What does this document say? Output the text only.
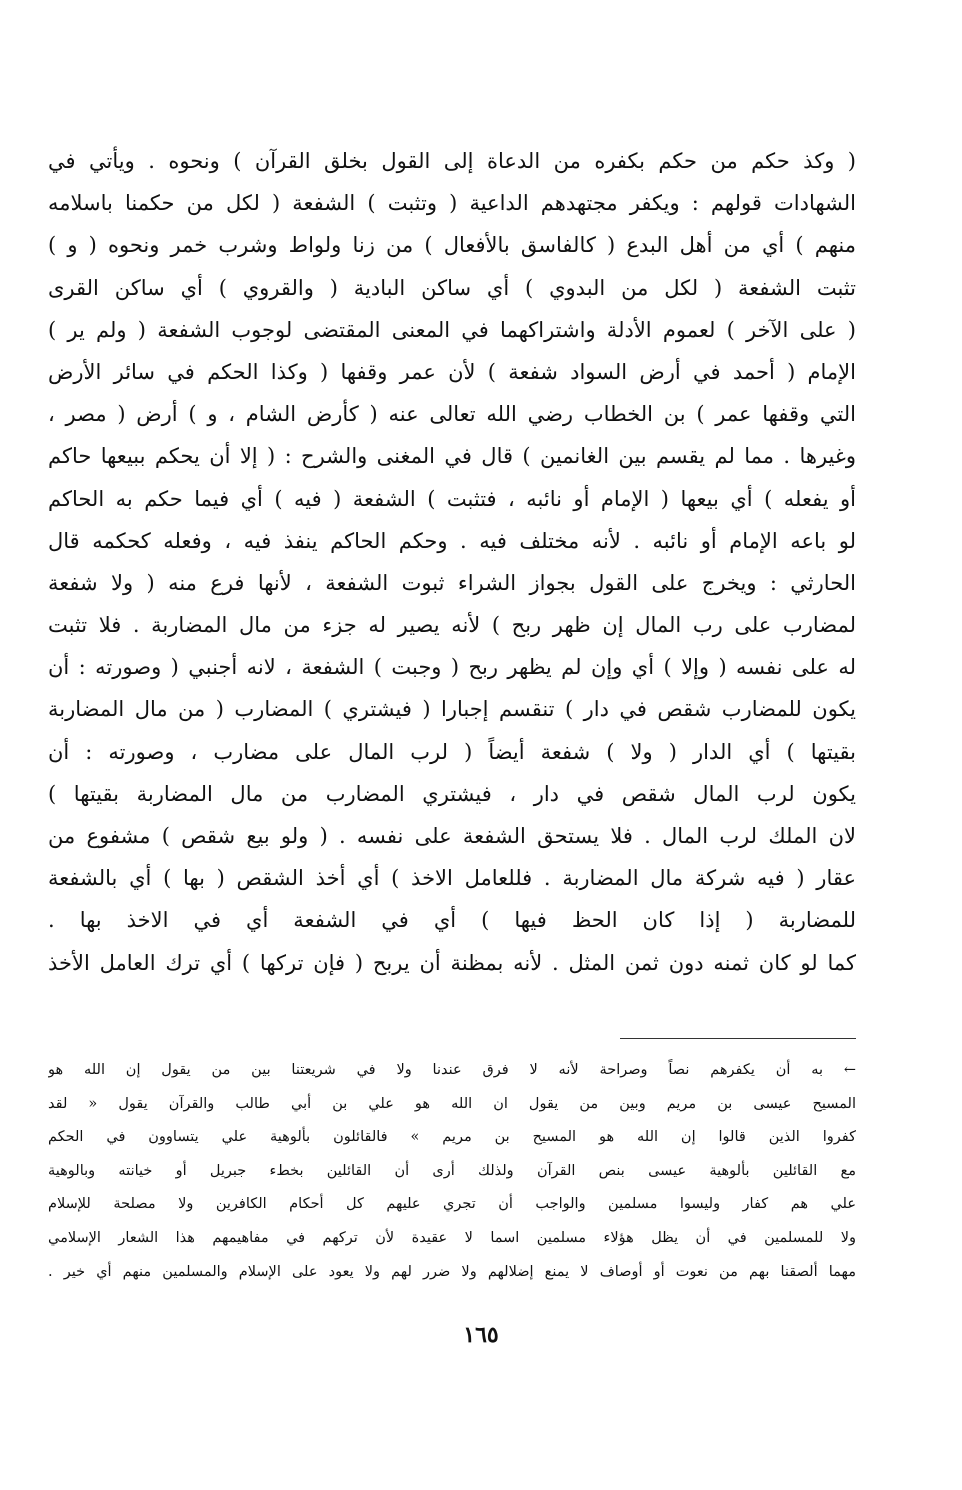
( وكذ حكم من حكم بكفره من الدعاة إلى القول بخلق القرآن ) ونحوه . ويأتي في
الشهادات قولهم : ويكفر مجتهدهم الداعية ( وتثبت ) الشفعة ( لكل من حكمنا باسلامه
منهم ) أي من أهل البدع ( كالفاسق بالأفعال ) من زنا ولواط وشرب خمر ونحوه ( و )
تثبت الشفعة ( لكل من البدوي ) أي ساكن البادية ( والقروي ) أي ساكن القرى
( على الآخر ) لعموم الأدلة واشتراكهما في المعنى المقتضى لوجوب الشفعة ( ولم ير )
الإمام ( أحمد في أرض السواد شفعة ) لأن عمر وقفها ( وكذا الحكم في سائر الأرض
التي وقفها عمر ) بن الخطاب رضي الله تعالى عنه ( كأرض الشام ، و ) أرض ( مصر ،
وغيرها . مما لم يقسم بين الغانمين ) قال في المغنى والشرح : ( إلا أن يحكم ببيعها حاكم
أو يفعله ) أي بيعها ( الإمام أو نائبه ، فتثبت ) الشفعة ( فيه ) أي فيما حكم به الحاكم
لو باعه الإمام أو نائبه . لأنه مختلف فيه . وحكم الحاكم ينفذ فيه ، وفعله كحكمه قال
الحارثي : ويخرج على القول بجواز الشراء ثبوت الشفعة ، لأنها فرع منه ( ولا شفعة
لمضارب على رب المال إن ظهر ربح ) لأنه يصير له جزء من مال المضاربة . فلا تثبت
له على نفسه ( وإلا ) أي وإن لم يظهر ربح ( وجبت ) الشفعة ، لانه أجنبي ( وصورته : أن
يكون للمضارب شقص في دار ) تنقسم إجبارا ( فيشتري ) المضارب ( من مال المضاربة
بقيتها ) أي الدار ( ولا ) شفعة أيضاً ( لرب المال على مضارب ، وصورته : أن
يكون لرب المال شقص في دار ، فيشتري المضارب من مال المضاربة بقيتها )
لان الملك لرب المال . فلا يستحق الشفعة على نفسه . ( ولو بيع شقص ) مشفوع من
عقار ( فيه شركة مال المضاربة . فللعامل الاخذ ) أي أخذ الشقص ( بها ) أي بالشفعة
للمضاربة ( إذا كان الحظ فيها ) أي في الشفعة أي في الاخذ بها .
كما لو كان ثمنه دون ثمن المثل . لأنه بمظنة أن يربح ( فإن تركها ) أي ترك العامل الأخذ
← به أن يكفرهم نصاً وصراحة لأنه لا فرق عندنا ولا في شريعتنا بين من يقول إن الله هو
المسيح عيسى بن مريم وبين من يقول ان الله هو علي بن أبي طالب والقرآن يقول « لقد
كفروا الذين قالوا إن الله هو المسيح بن مريم » فالقائلون بألوهية علي يتساوون في الحكم
مع القائلين بألوهية عيسى بنص القرآن ولذلك أرى أن القائلين بخطء جبريل أو خيانته وبالوهية
علي هم كفار وليسوا مسلمين والواجب أن تجري عليهم كل أحكام الكافرين ولا مصلحة للإسلام
ولا للمسلمين في أن يظل هؤلاء مسلمين اسما لا عقيدة لأن تركهم في مفاهيمهم هذا الشعار الإسلامي
مهما ألصقنا بهم من نعوت أو أوصاف لا يمنع إضلالهم ولا ضرر لهم ولا يعود على الإسلام والمسلمين منهم أي خير .
١٦٥
